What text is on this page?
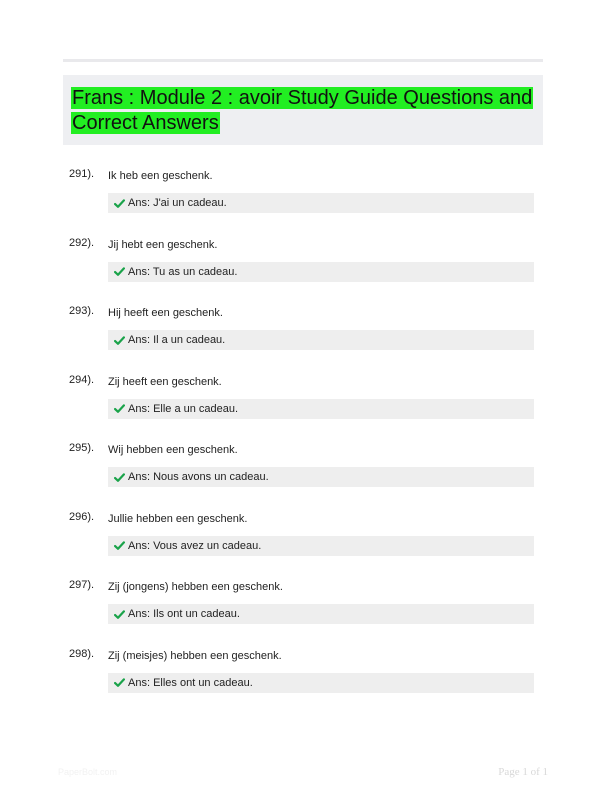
Frans : Module 2 : avoir Study Guide Questions and Correct Answers
291). Ik heb een geschenk.
Ans: J'ai un cadeau.
292). Jij hebt een geschenk.
Ans: Tu as un cadeau.
293). Hij heeft een geschenk.
Ans: Il a un cadeau.
294). Zij heeft een geschenk.
Ans: Elle a un cadeau.
295). Wij hebben een geschenk.
Ans: Nous avons un cadeau.
296). Jullie hebben een geschenk.
Ans: Vous avez un cadeau.
297). Zij (jongens) hebben een geschenk.
Ans: Ils ont un cadeau.
298). Zij (meisjes) hebben een geschenk.
Ans: Elles ont un cadeau.
PaperBolt.com	Page 1 of 1
